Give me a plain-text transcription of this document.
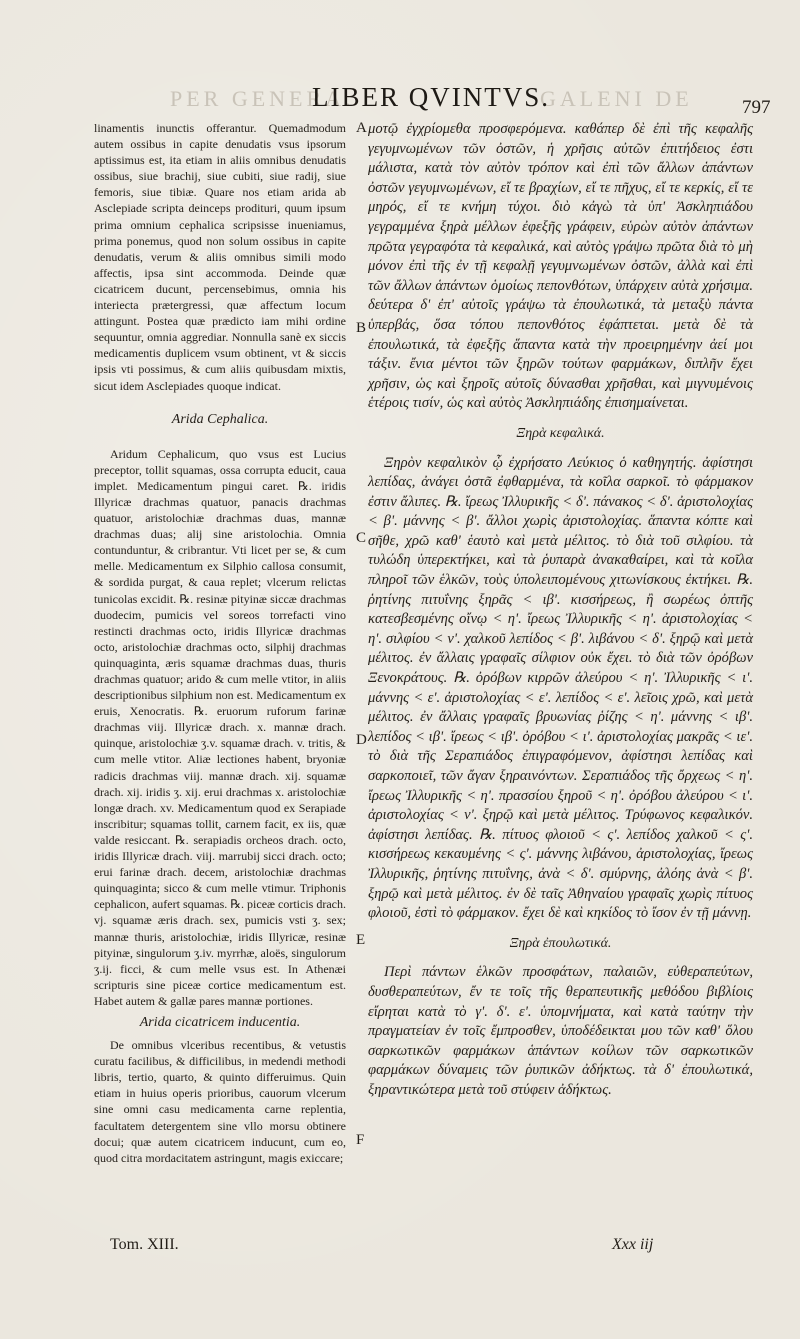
PER GENERA.	GALENI DE
LIBER QVINTVS.	797

linamentis inunctis offerantur. Quemadmodum autem ossibus in capite denudatis vsus ipsorum aptissimus est, ita etiam in aliis omnibus denudatis ossibus, siue brachij, siue cubiti, siue radij, siue femoris, siue tibiæ. Quare nos etiam arida ab Asclepiade scripta deinceps prodituri, quum ipsum prima omnium cephalica scripsisse inueniamus, prima ponemus, quod non solum ossibus in capite denudatis, verum & aliis omnibus simili modo affectis, ipsa sint accommoda. Deinde quæ cicatricem ducunt, percensebimus, omnia his interiecta prætergressi, quæ affectum locum attingunt. Postea quæ prædicto iam mihi ordine sequuntur, omnia aggrediar. Nonnulla sanè ex siccis medicamentis duplicem vsum obtinent, vt & siccis ipsis vti possimus, & cum aliis quibusdam mixtis, sicut idem Asclepiades quoque indicat.

Arida Cephalica.

Aridum Cephalicum, quo vsus est Lucius preceptor, tollit squamas, ossa corrupta educit, caua implet. Medicamentum pingui caret. ℞. iridis Illyricæ drachmas quatuor, panacis drachmas quatuor, aristolochiæ drachmas duas, mannæ drachmas duas; alij sine aristolochia. Omnia contunduntur, & cribrantur. Vti licet per se, & cum melle. Medicamentum ex Silphio callosa consumit, & sordida purgat, & caua replet; vlcerum relictas tunicolas excidit. ℞. resinæ pityinæ siccæ drachmas duodecim, pumicis vel soreos torrefacti vino restincti drachmas octo, iridis Illyricæ drachmas octo, aristolochiæ drachmas octo, silphij drachmas quinquaginta, æris squamæ drachmas duas, thuris drachmas quatuor; arido & cum melle vtitor, in aliis descriptionibus silphium non est. Medicamentum ex eruis, Xenocratis. ℞. eruorum ruforum farinæ drachmas viij. Illyricæ drach. x. mannæ drach. quinque, aristolochiæ ʒ.v. squamæ drach. v. tritis, & cum melle vtitor. Aliæ lectiones habent, bryoniæ radicis drachmas viij. mannæ drach. xij. squamæ drach. xij. iridis ʒ. xij. erui drachmas x. aristolochiæ longæ drach. xv. Medicamentum quod ex Serapiade inscribitur; squamas tollit, carnem facit, ex iis, quæ valde resiccant. ℞. serapiadis orcheos drach. octo, iridis Illyricæ drach. viij. marrubij sicci drach. octo; erui farinæ drach. decem, aristolochiæ drachmas quinquaginta; sicco & cum melle vtimur. Triphonis cephalicon, aufert squamas. ℞. piceæ corticis drach. vj. squamæ æris drach. sex, pumicis vsti ʒ. sex; mannæ thuris, aristolochiæ, iridis Illyricæ, resinæ pityinæ, singulorum ʒ.iv. myrrhæ, aloës, singulorum ʒ.ij. ficci, & cum melle vsus est. In Athenæi scripturis sine piceæ cortice medicamentum est. Habet autem & gallæ pares mannæ portiones.

Arida cicatricem inducentia.

De omnibus vlceribus recentibus, & vetustis curatu facilibus, & difficilibus, in medendi methodi libris, tertio, quarto, & quinto differuimus. Quin etiam in huius operis prioribus, cauorum vlcerum sine omni casu medicamenta carne replentia, facultatem detergentem sine vllo morsu obtinere docui; quæ autem cicatricem inducunt, cum eo, quod citra mordacitatem astringunt, magis exiccare;

μοτῷ ἐγχρίομεθα προσφερόμενα. καθάπερ δὲ ἐπὶ τῆς κεφαλῆς γεγυμνωμένων τῶν ὀστῶν, ἡ χρῆσις αὐτῶν ἐπιτήδειος ἐστι μάλιστα, κατὰ τὸν αὐτὸν τρόπον καὶ ἐπὶ τῶν ἄλλων ἁπάντων ὀστῶν γεγυμνωμένων, εἴ τε βραχίων, εἴ τε πῆχυς, εἴ τε κερκίς, εἴ τε μηρός, εἴ τε κνήμη τύχοι. διὸ κἀγὼ τὰ ὑπ' Ἀσκληπιάδου γεγραμμένα ξηρὰ μέλλων ἐφεξῆς γράφειν, εὑρὼν αὐτὸν ἁπάντων πρῶτα γεγραφότα τὰ κεφαλικά, καὶ αὐτὸς γράψω πρῶτα διὰ τὸ μὴ μόνον ἐπὶ τῆς ἐν τῇ κεφαλῇ γεγυμνωμένων ὀστῶν, ἀλλὰ καὶ ἐπὶ τῶν ἄλλων ἁπάντων ὁμοίως πεπονθότων, ὑπάρχειν αὐτὰ χρήσιμα. δεύτερα δ' ἐπ' αὐτοῖς γράψω τὰ ἐπουλωτικά, τὰ μεταξὺ πάντα ὑπερβάς, ὅσα τόπου πεπονθότος ἐφάπτεται. μετὰ δὲ τὰ ἐπουλωτικά, τὰ ἐφεξῆς ἅπαντα κατὰ τὴν προειρημένην ἀεί μοι τάξιν. ἔνια μέντοι τῶν ξηρῶν τούτων φαρμάκων, διπλῆν ἔχει χρῆσιν, ὡς καὶ ξηροῖς αὐτοῖς δύνασθαι χρῆσθαι, καὶ μιγνυμένοις ἑτέροις τισίν, ὡς καὶ αὐτὸς Ἀσκληπιάδης ἐπισημαίνεται.

Ξηρὰ κεφαλικά.

Ξηρὸν κεφαλικὸν ᾧ ἐχρήσατο Λεύκιος ὁ καθηγητής. ἀφίστησι λεπίδας, ἀνάγει ὀστᾶ ἐφθαρμένα, τὰ κοῖλα σαρκοῖ. τὸ φάρμακον ἐστιν ἄλιπες. ℞. ἴρεως Ἰλλυρικῆς < δ'. πάνακος < δ'. ἀριστολοχίας < β'. μάννης < β'. ἄλλοι χωρὶς ἀριστολοχίας. ἅπαντα κόπτε καὶ σῆθε, χρῶ καθ' ἑαυτὸ καὶ μετὰ μέλιτος. τὸ διὰ τοῦ σιλφίου. τὰ τυλώδη ὑπερεκτήκει, καὶ τὰ ῥυπαρὰ ἀνακαθαίρει, καὶ τὰ κοῖλα πληροῖ τῶν ἑλκῶν, τοὺς ὑπολειπομένους χιτωνίσκους ἐκτήκει. ℞. ῥητίνης πιτυΐνης ξηρᾶς < ιβ'. κισσήρεως, ἢ σωρέως ὀπτῆς κατεσβεσμένης οἴνῳ < η'. ἴρεως Ἰλλυρικῆς < η'. ἀριστολοχίας < η'. σιλφίου < ν'. χαλκοῦ λεπίδος < β'. λιβάνου < δ'. ξηρῷ καὶ μετὰ μέλιτος. ἐν ἄλλαις γραφαῖς σίλφιον οὐκ ἔχει. τὸ διὰ τῶν ὀρόβων Ξενοκράτους. ℞. ὀρόβων κιρρῶν ἀλεύρου < η'. Ἰλλυρικῆς < ι'. μάννης < ε'. ἀριστολοχίας < ε'. λεπίδος < ε'. λεῖοις χρῶ, καὶ μετὰ μέλιτος. ἐν ἄλλαις γραφαῖς βρυωνίας ῥίζης < η'. μάννης < ιβ'. λεπίδος < ιβ'. ἴρεως < ιβ'. ὀρόβου < ι'. ἀριστολοχίας μακρᾶς < ιε'. τὸ διὰ τῆς Σεραπιάδος ἐπιγραφόμενον, ἀφίστησι λεπίδας καὶ σαρκοποιεῖ, τῶν ἄγαν ξηραινόντων. Σεραπιάδος τῆς ὄρχεως < η'. ἴρεως Ἰλλυρικῆς < η'. πρασσίου ξηροῦ < η'. ὀρόβου ἀλεύρου < ι'. ἀριστολοχίας < ν'. ξηρῷ καὶ μετὰ μέλιτος. Τρύφωνος κεφαλικόν. ἀφίστησι λεπίδας. ℞. πίτυος φλοιοῦ < ς'. λεπίδος χαλκοῦ < ς'. κισσήρεως κεκαυμένης < ς'. μάννης λιβάνου, ἀριστολοχίας, ἴρεως Ἰλλυρικῆς, ῥητίνης πιτυΐνης, ἀνὰ < δ'. σμύρνης, ἀλόης ἀνὰ < β'. ξηρῷ καὶ μετὰ μέλιτος. ἐν δὲ ταῖς Ἀθηναίου γραφαῖς χωρὶς πίτυος φλοιοῦ, ἐστὶ τὸ φάρμακον. ἔχει δὲ καὶ κηκίδος τὸ ἴσον ἐν τῇ μάννῃ.

Ξηρὰ ἐπουλωτικά.

Περὶ πάντων ἑλκῶν προσφάτων, παλαιῶν, εὐθεραπεύτων, δυσθεραπεύτων, ἔν τε τοῖς τῆς θεραπευτικῆς μεθόδου βιβλίοις εἴρηται κατὰ τὸ γ'. δ'. ε'. ὑπομνήματα, καὶ κατὰ ταύτην τὴν πραγματείαν ἐν τοῖς ἔμπροσθεν, ὑποδέδεικται μου τῶν καθ' ὅλου σαρκωτικῶν φαρμάκων ἁπάντων κοίλων τῶν σαρκωτικῶν φαρμάκων δύναμεις τῶν ῥυπικῶν ἀδήκτως. τὰ δ' ἐπουλωτικά, ξηραντικώτερα μετὰ τοῦ στύφειν ἀδήκτως.

A
B
C
D
E
F
Tom. XIII.	Xxx iij
